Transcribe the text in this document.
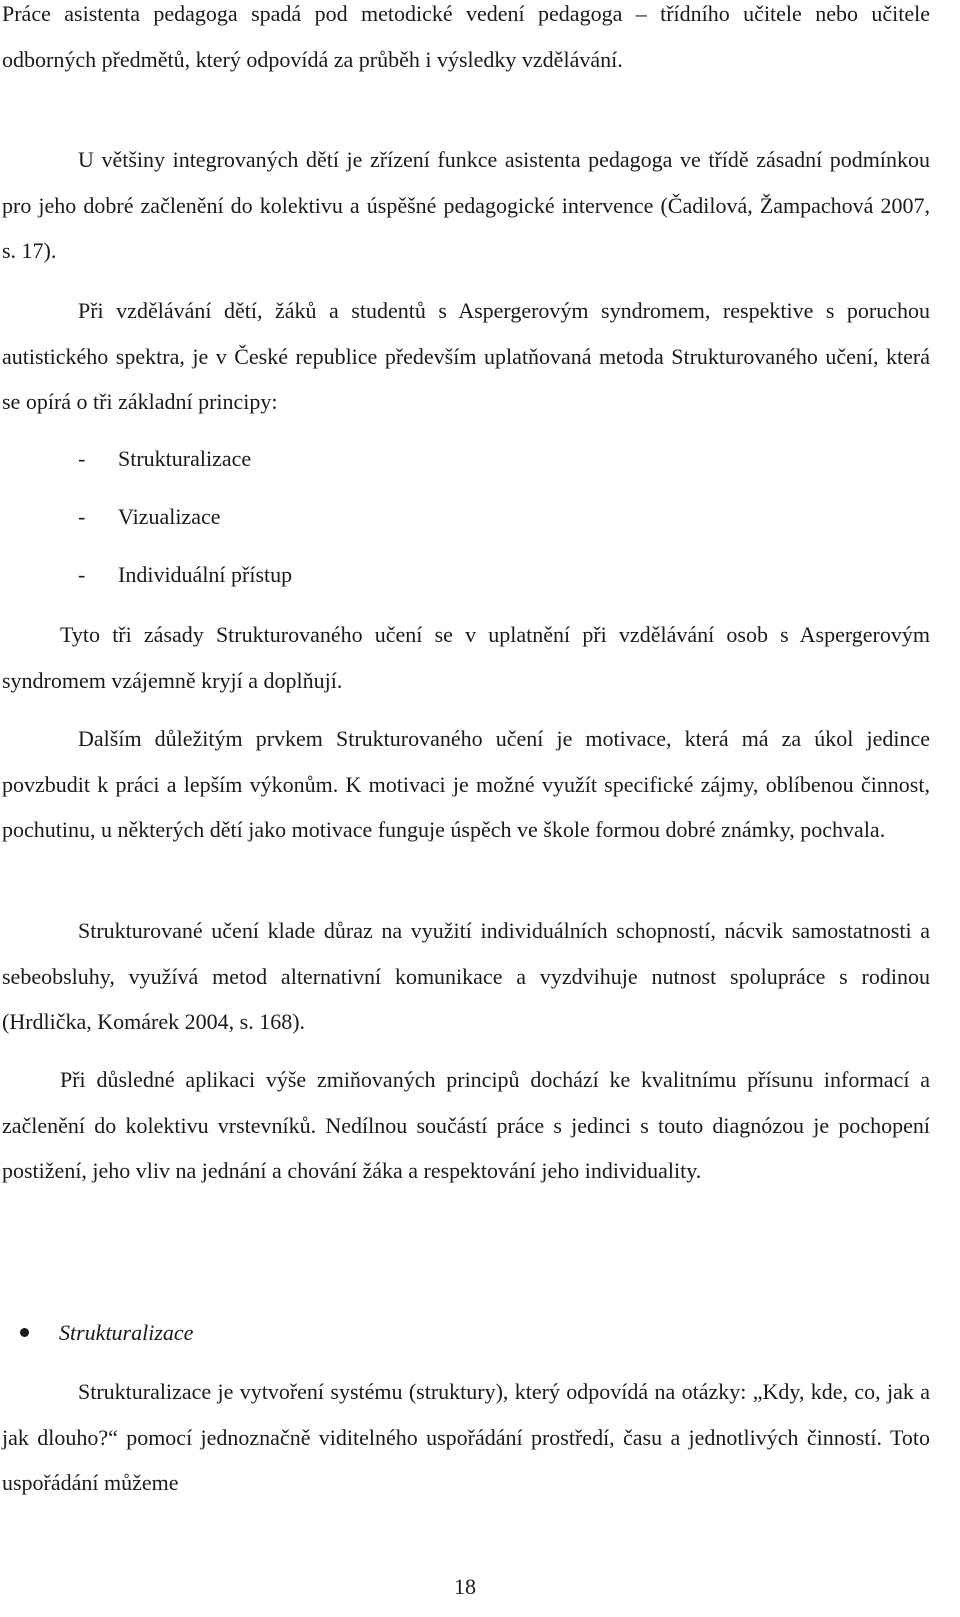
Práce asistenta pedagoga spadá pod metodické vedení pedagoga – třídního učitele nebo učitele odborných předmětů, který odpovídá za průběh i výsledky vzdělávání.

U většiny integrovaných dětí je zřízení funkce asistenta pedagoga ve třídě zásadní podmínkou pro jeho dobré začlenění do kolektivu a úspěšné pedagogické intervence (Čadilová, Žampachová 2007, s. 17).

Při vzdělávání dětí, žáků a studentů s Aspergerovým syndromem, respektive s poruchou autistického spektra, je v České republice především uplatňovaná metoda Strukturovaného učení, která se opírá o tři základní principy:

- Strukturalizace
- Vizualizace
- Individuální přístup

Tyto tři zásady Strukturovaného učení se v uplatnění při vzdělávání osob s Aspergerovým syndromem vzájemně kryjí a doplňují.

Dalším důležitým prvkem Strukturovaného učení je motivace, která má za úkol jedince povzbudit k práci a lepším výkonům. K motivaci je možné využít specifické zájmy, oblíbenou činnost, pochutinu, u některých dětí jako motivace funguje úspěch ve škole formou dobré známky, pochvala.

Strukturované učení klade důraz na využití individuálních schopností, nácvik samostatnosti a sebeobsluhy, využívá metod alternativní komunikace a vyzdvihuje nutnost spolupráce s rodinou (Hrdlička, Komárek 2004, s. 168).

Při důsledné aplikaci výše zmiňovaných principů dochází ke kvalitnímu přísunu informací a začlenění do kolektivu vrstevníků. Nedílnou součástí práce s jedinci s touto diagnózou je pochopení postižení, jeho vliv na jednání a chování žáka a respektování jeho individuality.

Strukturalizace

Strukturalizace je vytvoření systému (struktury), který odpovídá na otázky: „Kdy, kde, co, jak a jak dlouho?“ pomocí jednoznačně viditelného uspořádání prostředí, času a jednotlivých činností. Toto uspořádání můžeme

18
